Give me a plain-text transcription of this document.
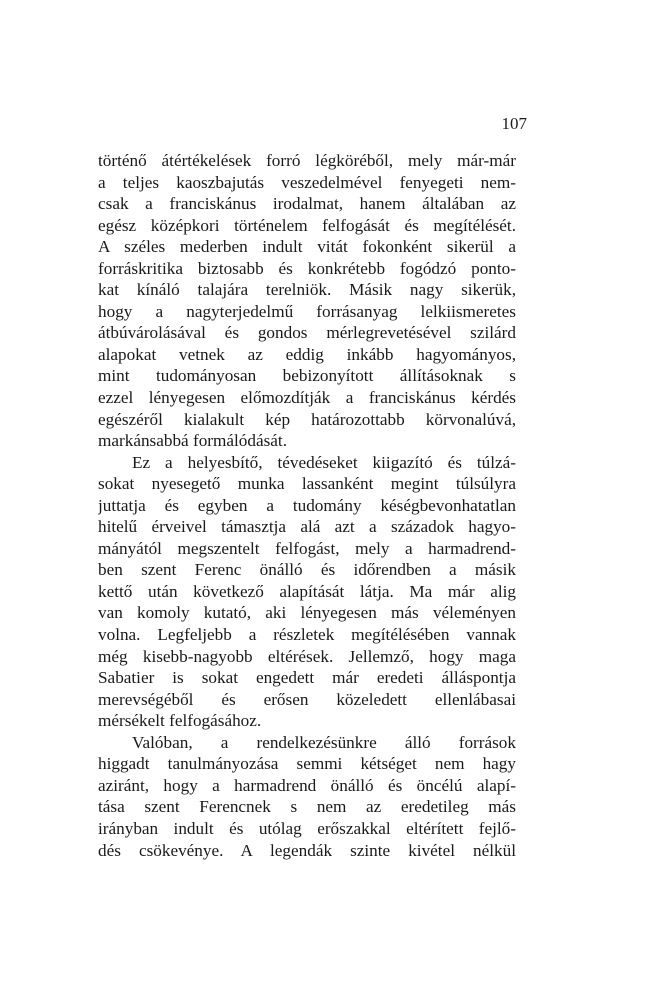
107
történő átértékelések forró légköréből, mely már-már
a teljes kaoszbajutás veszedelmével fenyegeti nem-
csak a franciskánus irodalmat, hanem általában az
egész középkori történelem felfogását és megítélését.
A széles mederben indult vitát fokonként sikerül a
forráskritika biztosabb és konkrétebb fogódzó ponto-
kat kínáló talajára terelniök. Másik nagy sikerük,
hogy a nagyterjedelmű forrásanyag lelkiismeretes
átbúvárolásával és gondos mérlegrevetésével szilárd
alapokat vetnek az eddig inkább hagyományos,
mint tudományosan bebizonyított állításoknak s
ezzel lényegesen előmozdítják a franciskánus kérdés
egészéről kialakult kép határozottabb körvonalúvá,
markánsabbá formálódását.
Ez a helyesbítő, tévedéseket kiigazító és túlzá-
sokat nyesegető munka lassanként megint túlsúlyra
juttatja és egyben a tudomány késégbevonhatatlan
hitelű érveivel támasztja alá azt a századok hagyo-
mányától megszentelt felfogást, mely a harmadrend-
ben szent Ferenc önálló és időrendben a másik
kettő után következő alapítását látja. Ma már alig
van komoly kutató, aki lényegesen más véleményen
volna. Legfeljebb a részletek megítélésében vannak
még kisebb-nagyobb eltérések. Jellemző, hogy maga
Sabatier is sokat engedett már eredeti álláspontja
merevségéből és erősen közeledett ellenlábasai
mérsékelt felfogásához.
Valóban, a rendelkezésünkre álló források
higgadt tanulmányozása semmi kétséget nem hagy
aziránt, hogy a harmadrend önálló és öncélú alapí-
tása szent Ferencnek s nem az eredetileg más
irányban indult és utólag erőszakkal eltérített fejlő-
dés csökevénye. A legendák szinte kivétel nélkül
